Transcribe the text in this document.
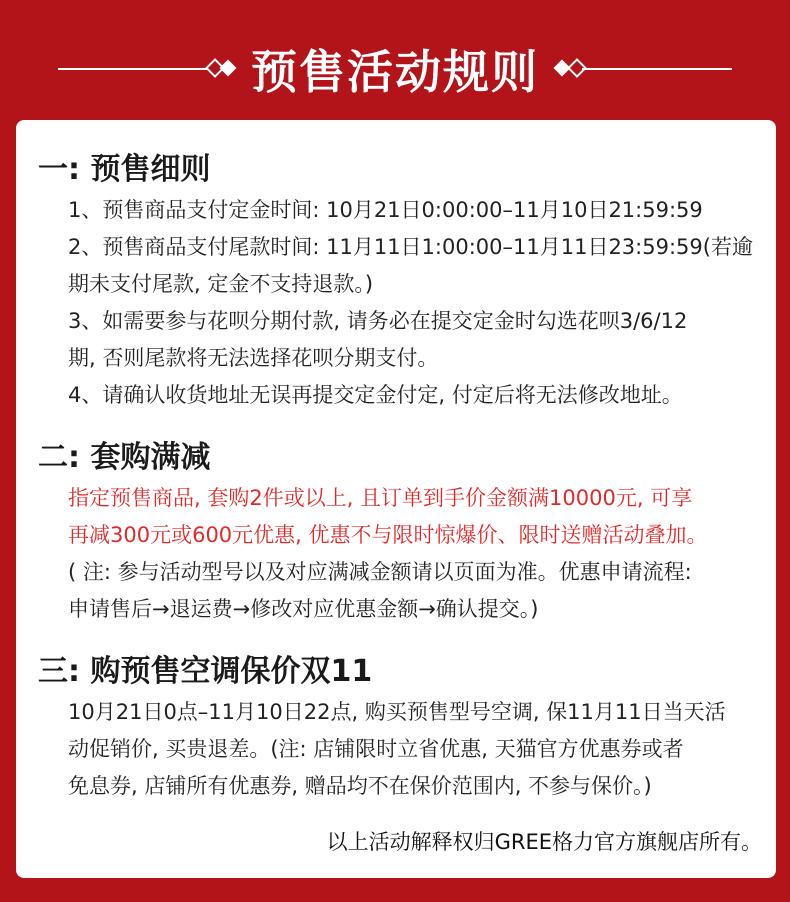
预售活动规则
一: 预售细则
1、预售商品支付定金时间: 10月21日0:00:00–11月10日21:59:59
2、预售商品支付尾款时间: 11月11日1:00:00–11月11日23:59:59(若逾
期未支付尾款, 定金不支持退款。)
3、如需要参与花呗分期付款, 请务必在提交定金时勾选花呗3/6/12
期, 否则尾款将无法选择花呗分期支付。
4、请确认收货地址无误再提交定金付定, 付定后将无法修改地址。
二: 套购满减
指定预售商品, 套购2件或以上, 且订单到手价金额满10000元, 可享
再减300元或600元优惠, 优惠不与限时惊爆价、限时送赠活动叠加。
( 注: 参与活动型号以及对应满减金额请以页面为准。优惠申请流程:
申请售后→退运费→修改对应优惠金额→确认提交。)
三: 购预售空调保价双11
10月21日0点–11月10日22点, 购买预售型号空调, 保11月11日当天活
动促销价, 买贵退差。(注: 店铺限时立省优惠, 天猫官方优惠券或者
免息券, 店铺所有优惠券, 赠品均不在保价范围内, 不参与保价。)
以上活动解释权归GREE格力官方旗舰店所有。
